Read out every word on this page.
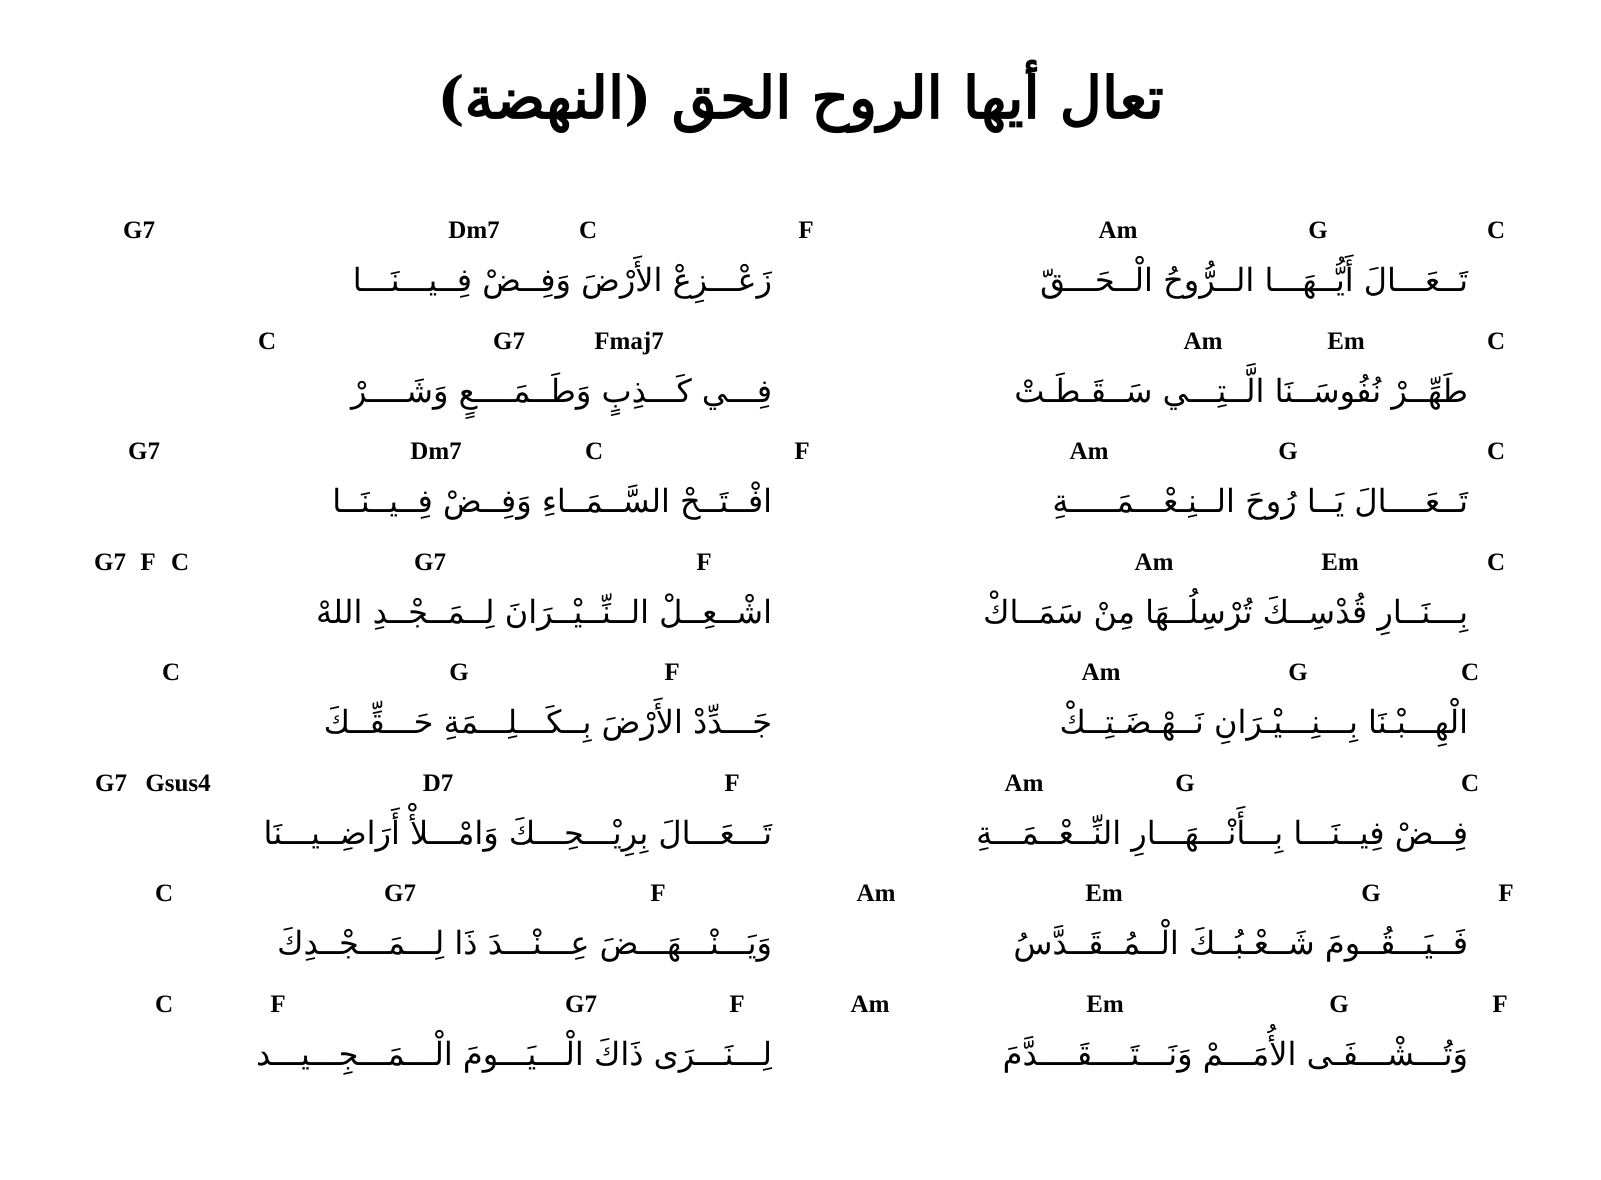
تعال أيها الروح الحق (النهضة)
C
G
Am
تَــعَـــالَ أَيُّــهَـــا الــرُّوحُ الْــحَـــقّ
C
Em
Am
طَهِّــرْ نُفُوسَــنَا الَّــتِـــي سَــقَـطَـتْ
C
G
Am
تَــعَــــالَ يَــا رُوحَ الــنِـعْـــمَـــــةِ
C
Em
Am
بِـــنَــارِ قُدْسِــكَ تُرْسِلُــهَا مِنْ سَمَــاكْ
C
G
Am
الْهِـــبْـنَا بِـــنِـــيْـرَانِ نَــهْـضَـتِــكْ
C
G
Am
فِــضْ فِيــنَـــا بِـــأَنْـــهَـــارِ النِّــعْــمَـــةِ
F
G
Em
Am
فَــيَـــقُــومَ شَــعْـبُــكَ الْــمُــقَــدَّسُ
F
G
Em
Am
وَتُـــشْـــفَـى الأُمَـــمْ وَنَـــتَــــقَــــدَّمَ
F
C
Dm7
G7
زَعْـــزِعْ الأَرْضَ وَفِــضْ فِــيـــنَـــا
Fmaj7
G7
C
فِـــي كَـــذِبٍ وَطَــمَــــعٍ وَشَــــرْ
F
C
Dm7
G7
افْــتَــحْ السَّــمَــاءِ وَفِــضْ فِــيــنَــا
F
G7
C
F
G7
اشْــعِــلْ الــنِّــيْــرَانَ لِــمَــجْــدِ اللهْ
F
G
C
جَـــدِّدْ الأَرْضَ بِــكَـــلِـــمَةِ حَـــقِّــكَ
F
D7
Gsus4
G7
تَـــعَـــالَ بِرِيْـــحِـــكَ وَامْـــلأْ أَرَاضِــيـــنَا
F
G7
C
وَيَـــنْـــهَـــضَ عِـــنْـــدَ ذَا لِـــمَـــجْــدِكَ
F
G7
F
C
لِـــنَـــرَى ذَاكَ الْـــيَـــومَ الْـــمَـــجِـــيـــد
